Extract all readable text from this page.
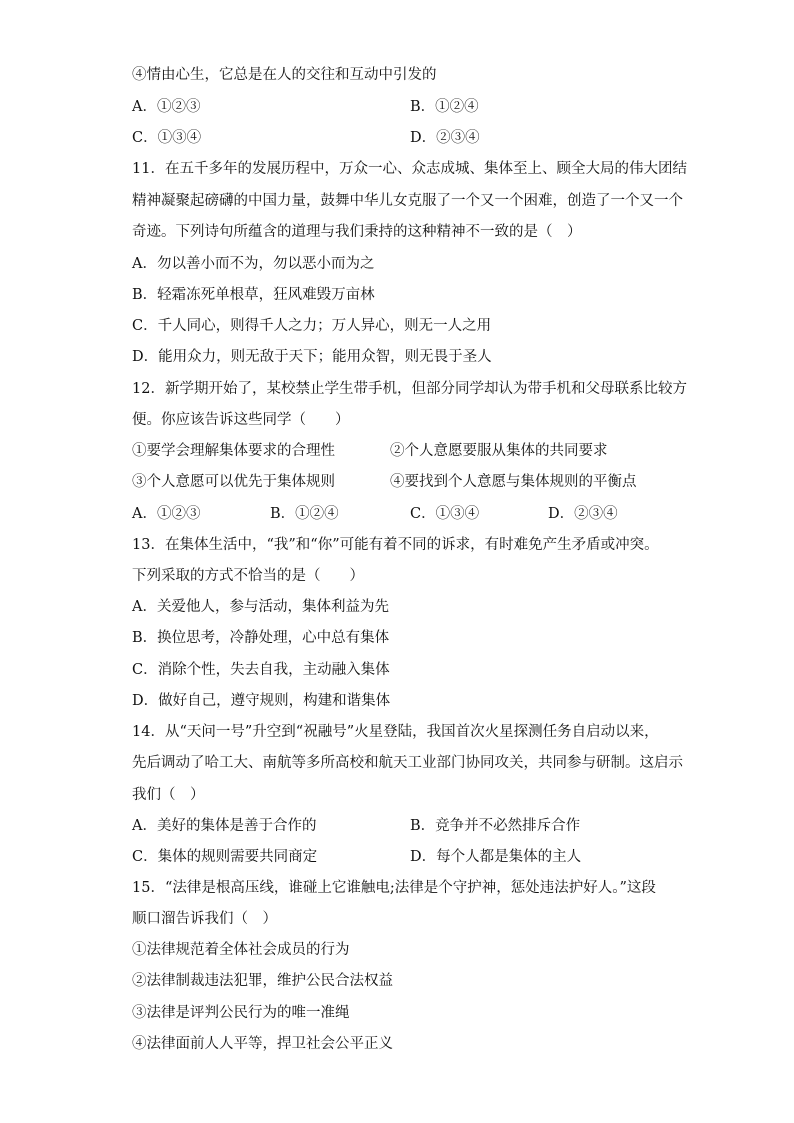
④情由心生，它总是在人的交往和互动中引发的
A．①②③	B．①②④
C．①③④	D．②③④
11．在五千多年的发展历程中，万众一心、众志成城、集体至上、顾全大局的伟大团结
精神凝聚起磅礴的中国力量，鼓舞中华儿女克服了一个又一个困难，创造了一个又一个
奇迹。下列诗句所蕴含的道理与我们秉持的这种精神不一致的是（　）
A．勿以善小而不为，勿以恶小而为之
B．轻霜冻死单根草，狂风难毁万亩林
C．千人同心，则得千人之力；万人异心，则无一人之用
D．能用众力，则无敌于天下；能用众智，则无畏于圣人
12．新学期开始了，某校禁止学生带手机，但部分同学却认为带手机和父母联系比较方
便。你应该告诉这些同学（　　）
①要学会理解集体要求的合理性	②个人意愿要服从集体的共同要求
③个人意愿可以优先于集体规则	④要找到个人意愿与集体规则的平衡点
A．①②③	B．①②④	C．①③④	D．②③④
13．在集体生活中，“我”和“你”可能有着不同的诉求，有时难免产生矛盾或冲突。
下列采取的方式不恰当的是（　　）
A．关爱他人，参与活动，集体利益为先
B．换位思考，冷静处理，心中总有集体
C．消除个性，失去自我，主动融入集体
D．做好自己，遵守规则，构建和谐集体
14．从“天问一号”升空到“祝融号”火星登陆，我国首次火星探测任务自启动以来，
先后调动了哈工大、南航等多所高校和航天工业部门协同攻关，共同参与研制。这启示
我们（　）
A．美好的集体是善于合作的	B．竞争并不必然排斥合作
C．集体的规则需要共同商定	D．每个人都是集体的主人
15．“法律是根高压线，谁碰上它谁触电;法律是个守护神，惩处违法护好人。”这段
顺口溜告诉我们（　）
①法律规范着全体社会成员的行为
②法律制裁违法犯罪，维护公民合法权益
③法律是评判公民行为的唯一准绳
④法律面前人人平等，捍卫社会公平正义
